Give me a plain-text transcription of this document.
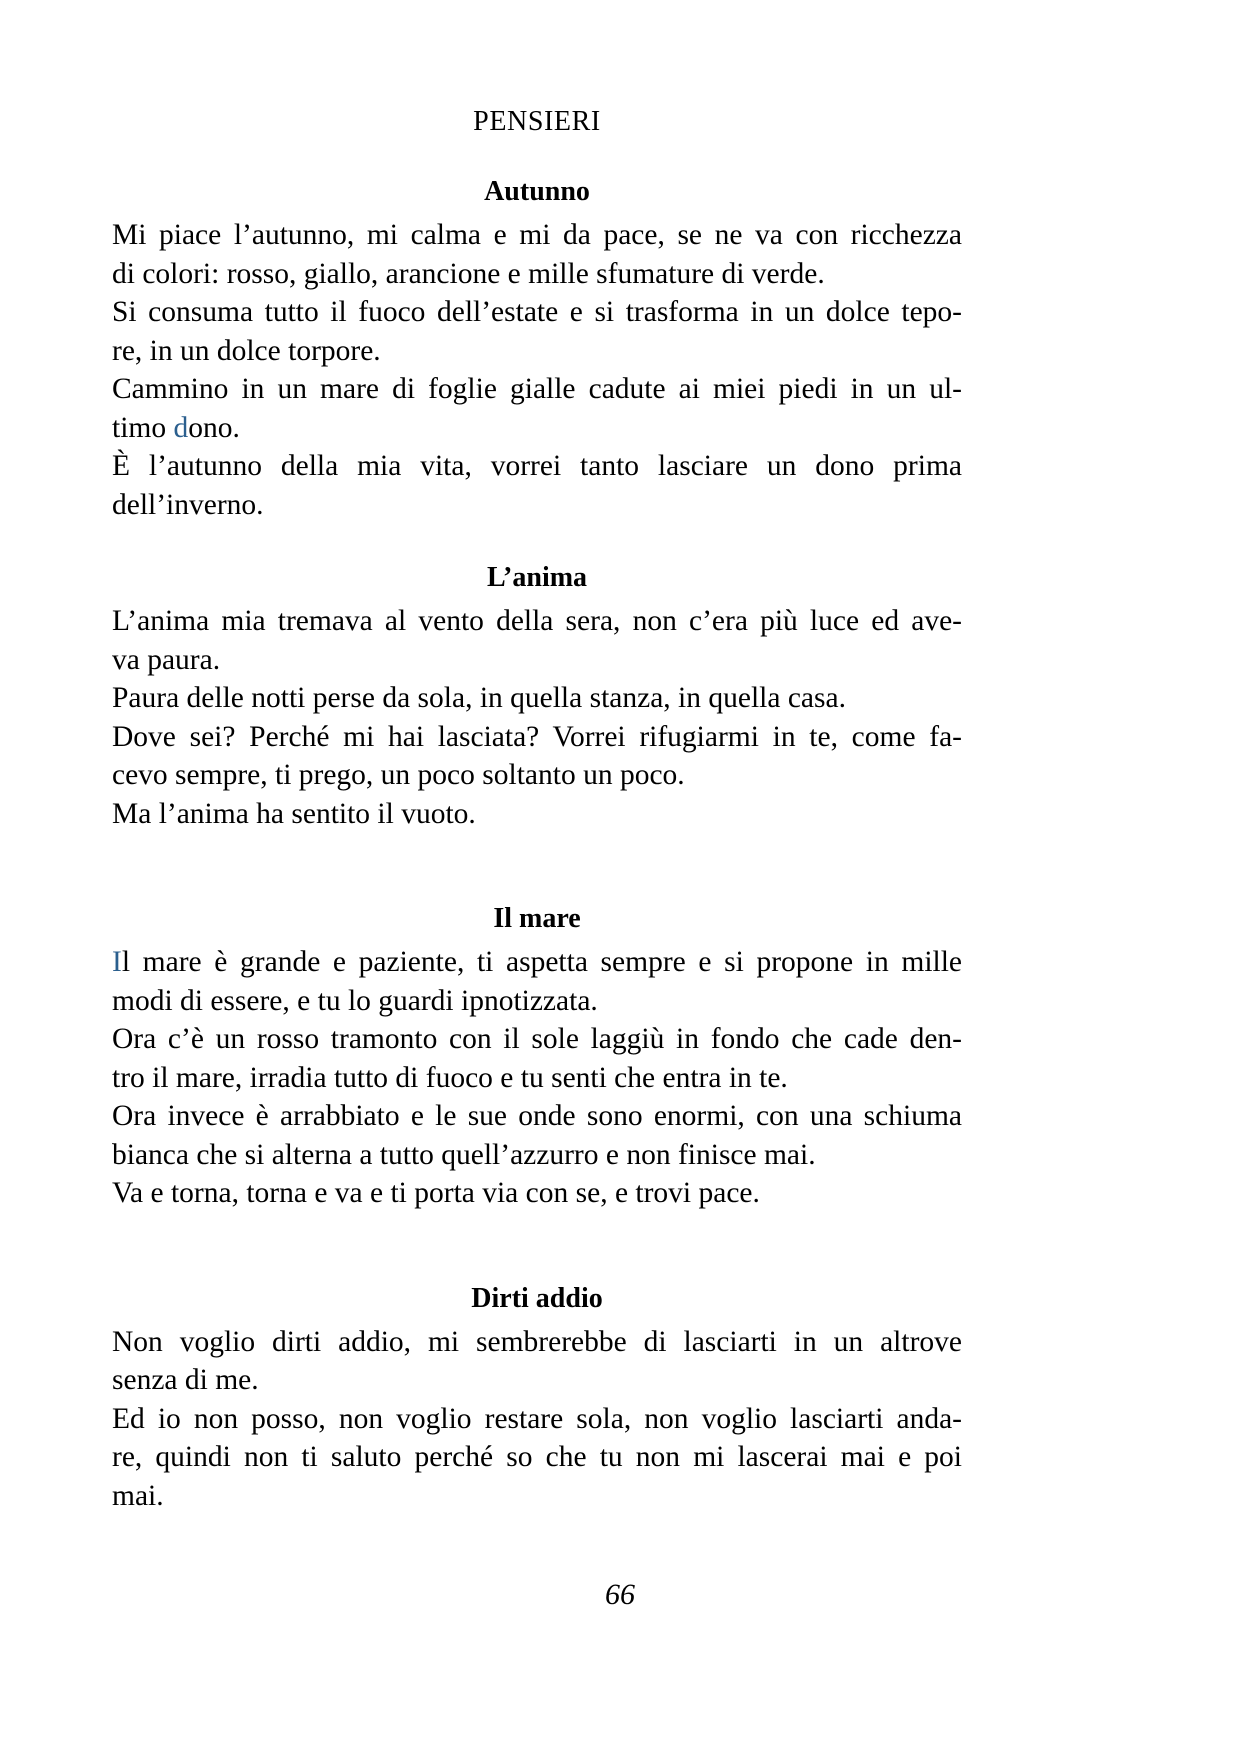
PENSIERI
Autunno
Mi piace l’autunno, mi calma e mi da pace, se ne va con ricchezza
di colori: rosso, giallo, arancione e mille sfumature di verde.
Si consuma tutto il fuoco dell’estate e si trasforma in un dolce tepo-
re, in un dolce torpore.
Cammino in un mare di foglie gialle cadute ai miei piedi in un ul-
timo dono.
È l’autunno della mia vita, vorrei tanto lasciare un dono prima
dell’inverno.
L’anima
L’anima mia tremava al vento della sera, non c’era più luce ed ave-
va paura.
Paura delle notti perse da sola, in quella stanza, in quella casa.
Dove sei? Perché mi hai lasciata? Vorrei rifugiarmi in te, come fa-
cevo sempre, ti prego, un poco soltanto un poco.
Ma l’anima ha sentito il vuoto.
Il mare
Il mare è grande e paziente, ti aspetta sempre e si propone in mille
modi di essere, e tu lo guardi ipnotizzata.
Ora c’è un rosso tramonto con il sole laggiù in fondo che cade den-
tro il mare, irradia tutto di fuoco e tu senti che entra in te.
Ora invece è arrabbiato e le sue onde sono enormi, con una schiuma
bianca che si alterna a tutto quell’azzurro e non finisce mai.
Va e torna, torna e va e ti porta via con se, e trovi pace.
Dirti addio
Non voglio dirti addio, mi sembrerebbe di lasciarti in un altrove
senza di me.
Ed io non posso, non voglio restare sola, non voglio lasciarti anda-
re, quindi non ti saluto perché so che tu non mi lascerai mai e poi
mai.
66
